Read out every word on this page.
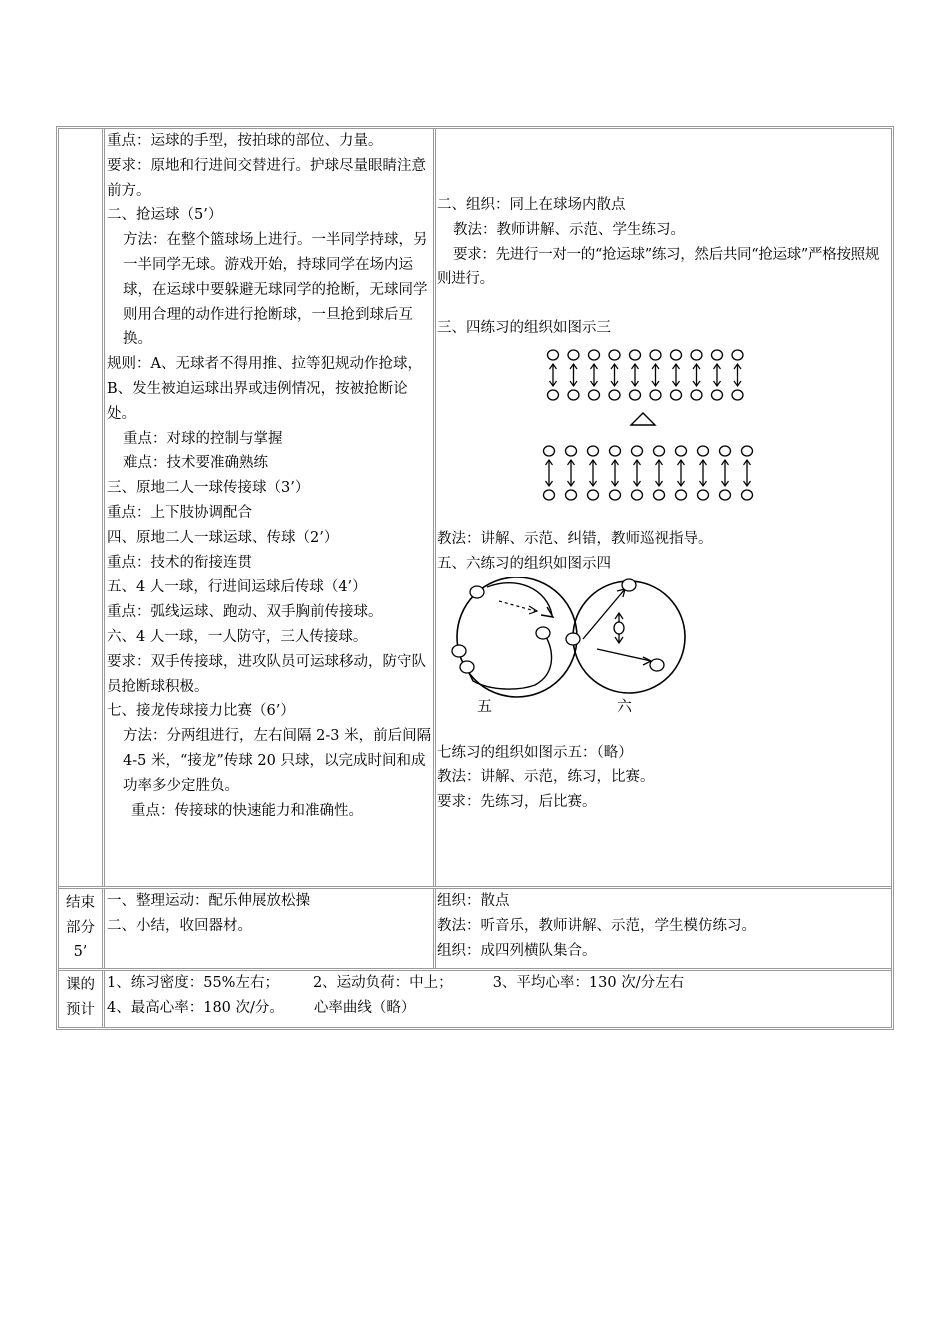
重点：运球的手型，按拍球的部位、力量。
要求：原地和行进间交替进行。护球尽量眼睛注意前方。
二、抢运球（5’）
方法：在整个篮球场上进行。一半同学持球，另一半同学无球。游戏开始，持球同学在场内运球，在运球中要躲避无球同学的抢断，无球同学则用合理的动作进行抢断球，一旦抢到球后互换。
规则：A、无球者不得用推、拉等犯规动作抢球，B、发生被迫运球出界或违例情况，按被抢断论处。
重点：对球的控制与掌握
难点：技术要准确熟练
三、原地二人一球传接球（3’）
重点：上下肢协调配合
四、原地二人一球运球、传球（2’）
重点：技术的衔接连贯
五、4 人一球，行进间运球后传球（4’）
重点：弧线运球、跑动、双手胸前传接球。
六、4 人一球，一人防守，三人传接球。
要求：双手传接球，进攻队员可运球移动，防守队员抢断球积极。
七、接龙传球接力比赛（6’）
方法：分两组进行，左右间隔 2-3 米，前后间隔 4-5 米，“接龙”传球 20 只球，以完成时间和成功率多少定胜负。
重点：传接球的快速能力和准确性。
二、组织：同上在球场内散点
教法：教师讲解、示范、学生练习。
要求：先进行一对一的“抢运球”练习，然后共同“抢运球”严格按照规则进行。
三、四练习的组织如图示三
教法：讲解、示范、纠错，教师巡视指导。
五、六练习的组织如图示四
五	六
七练习的组织如图示五：（略）
教法：讲解、示范，练习，比赛。
要求：先练习，后比赛。
结束
部分
5’
一、整理运动：配乐伸展放松操
二、小结，收回器材。
组织：散点
教法：听音乐，教师讲解、示范，学生模仿练习。
组织：成四列横队集合。
课的
预计
1、练习密度：55%左右； 2、运动负荷：中上；	3、平均心率：130 次/分左右
4、最高心率：180 次/分。 心率曲线（略）
